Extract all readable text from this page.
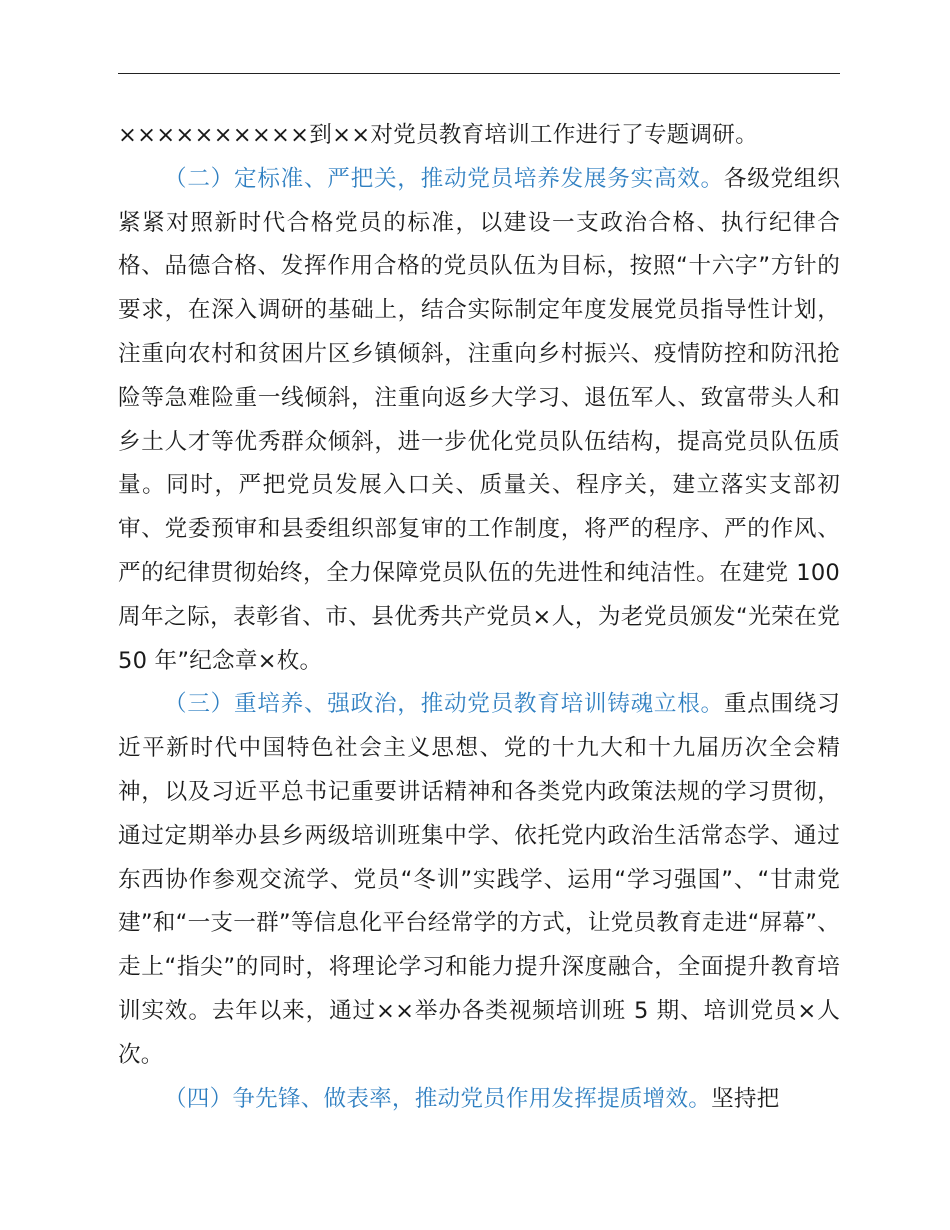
××××××××××到××对党员教育培训工作进行了专题调研。

（二）定标准、严把关，推动党员培养发展务实高效。各级党组织紧紧对照新时代合格党员的标准，以建设一支政治合格、执行纪律合格、品德合格、发挥作用合格的党员队伍为目标，按照“十六字”方针的要求，在深入调研的基础上，结合实际制定年度发展党员指导性计划，注重向农村和贫困片区乡镇倾斜，注重向乡村振兴、疫情防控和防汛抢险等急难险重一线倾斜，注重向返乡大学习、退伍军人、致富带头人和乡土人才等优秀群众倾斜，进一步优化党员队伍结构，提高党员队伍质量。同时，严把党员发展入口关、质量关、程序关，建立落实支部初审、党委预审和县委组织部复审的工作制度，将严的程序、严的作风、严的纪律贯彻始终，全力保障党员队伍的先进性和纯洁性。在建党 100 周年之际，表彰省、市、县优秀共产党员×人，为老党员颁发“光荣在党 50 年”纪念章×枚。

（三）重培养、强政治，推动党员教育培训铸魂立根。重点围绕习近平新时代中国特色社会主义思想、党的十九大和十九届历次全会精神，以及习近平总书记重要讲话精神和各类党内政策法规的学习贯彻，通过定期举办县乡两级培训班集中学、依托党内政治生活常态学、通过东西协作参观交流学、党员“冬训”实践学、运用“学习强国”、“甘肃党建”和“一支一群”等信息化平台经常学的方式，让党员教育走进“屏幕”、走上“指尖”的同时，将理论学习和能力提升深度融合，全面提升教育培训实效。去年以来，通过××举办各类视频培训班 5 期、培训党员×人次。

（四）争先锋、做表率，推动党员作用发挥提质增效。坚持把
